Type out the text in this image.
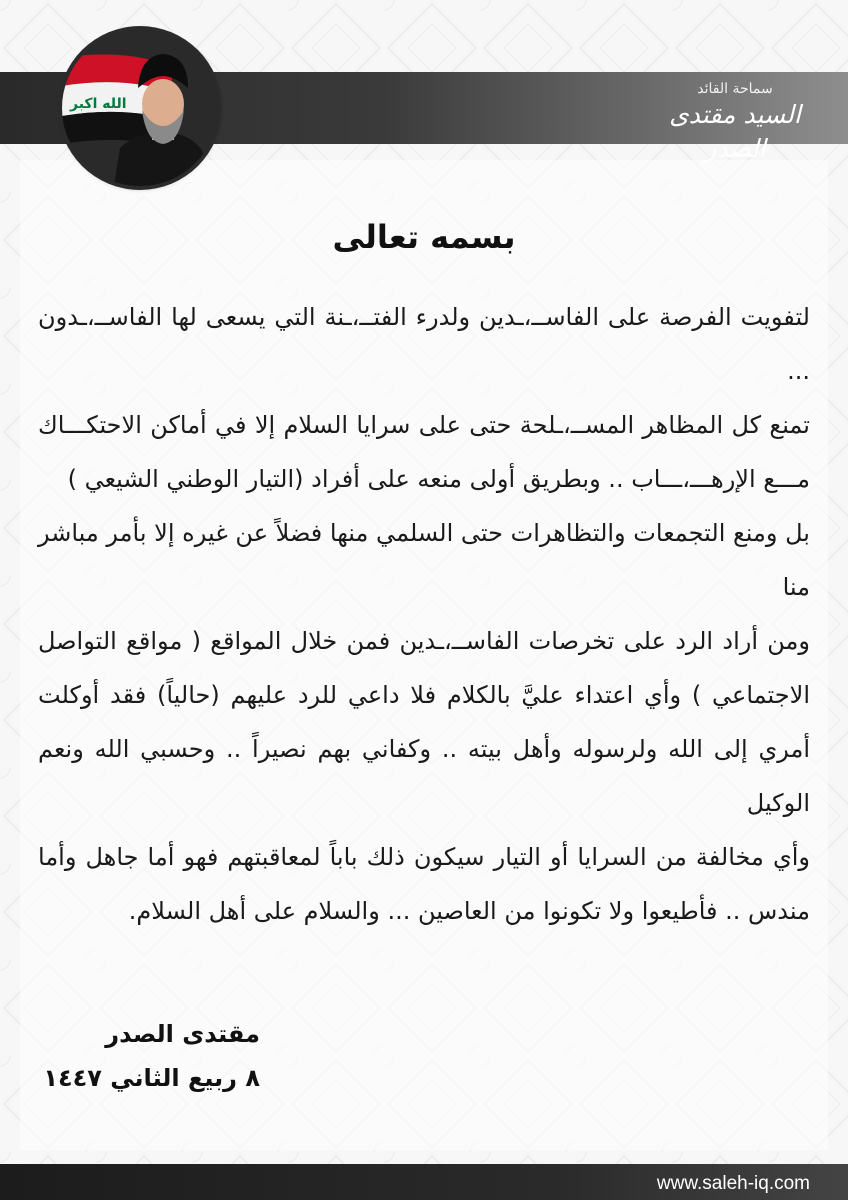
سماحة القائد
السيد مقتدى الصدر
الله اكبر
بسمه تعالى

لتفويت الفرصة على الفاســ،ـدين ولدرء الفتــ،ـنة التي يسعى لها الفاســ،ـدون ...

تمنع كل المظاهر المســ،ـلحة حتى على سرايا السلام إلا في أماكن الاحتكـــاك مـــع الإرهـــ،ـــاب .. وبطريق أولى منعه على أفراد (التيار الوطني الشيعي )

بل ومنع التجمعات والتظاهرات حتى السلمي منها فضلاً عن غيره إلا بأمر مباشر منا

ومن أراد الرد على تخرصات الفاســ،ـدين فمن خلال المواقع ( مواقع التواصل الاجتماعي ) وأي اعتداء عليَّ بالكلام فلا داعي للرد عليهم (حالياً) فقد أوكلت أمري إلى الله ولرسوله وأهل بيته .. وكفاني بهم نصيراً .. وحسبي الله ونعم الوكيل

وأي مخالفة من السرايا أو التيار سيكون ذلك باباً لمعاقبتهم فهو أما جاهل وأما مندس .. فأطيعوا ولا تكونوا من العاصين ... والسلام على أهل السلام.

مقتدى الصدر
٨ ربيع الثاني ١٤٤٧
www.saleh-iq.com
